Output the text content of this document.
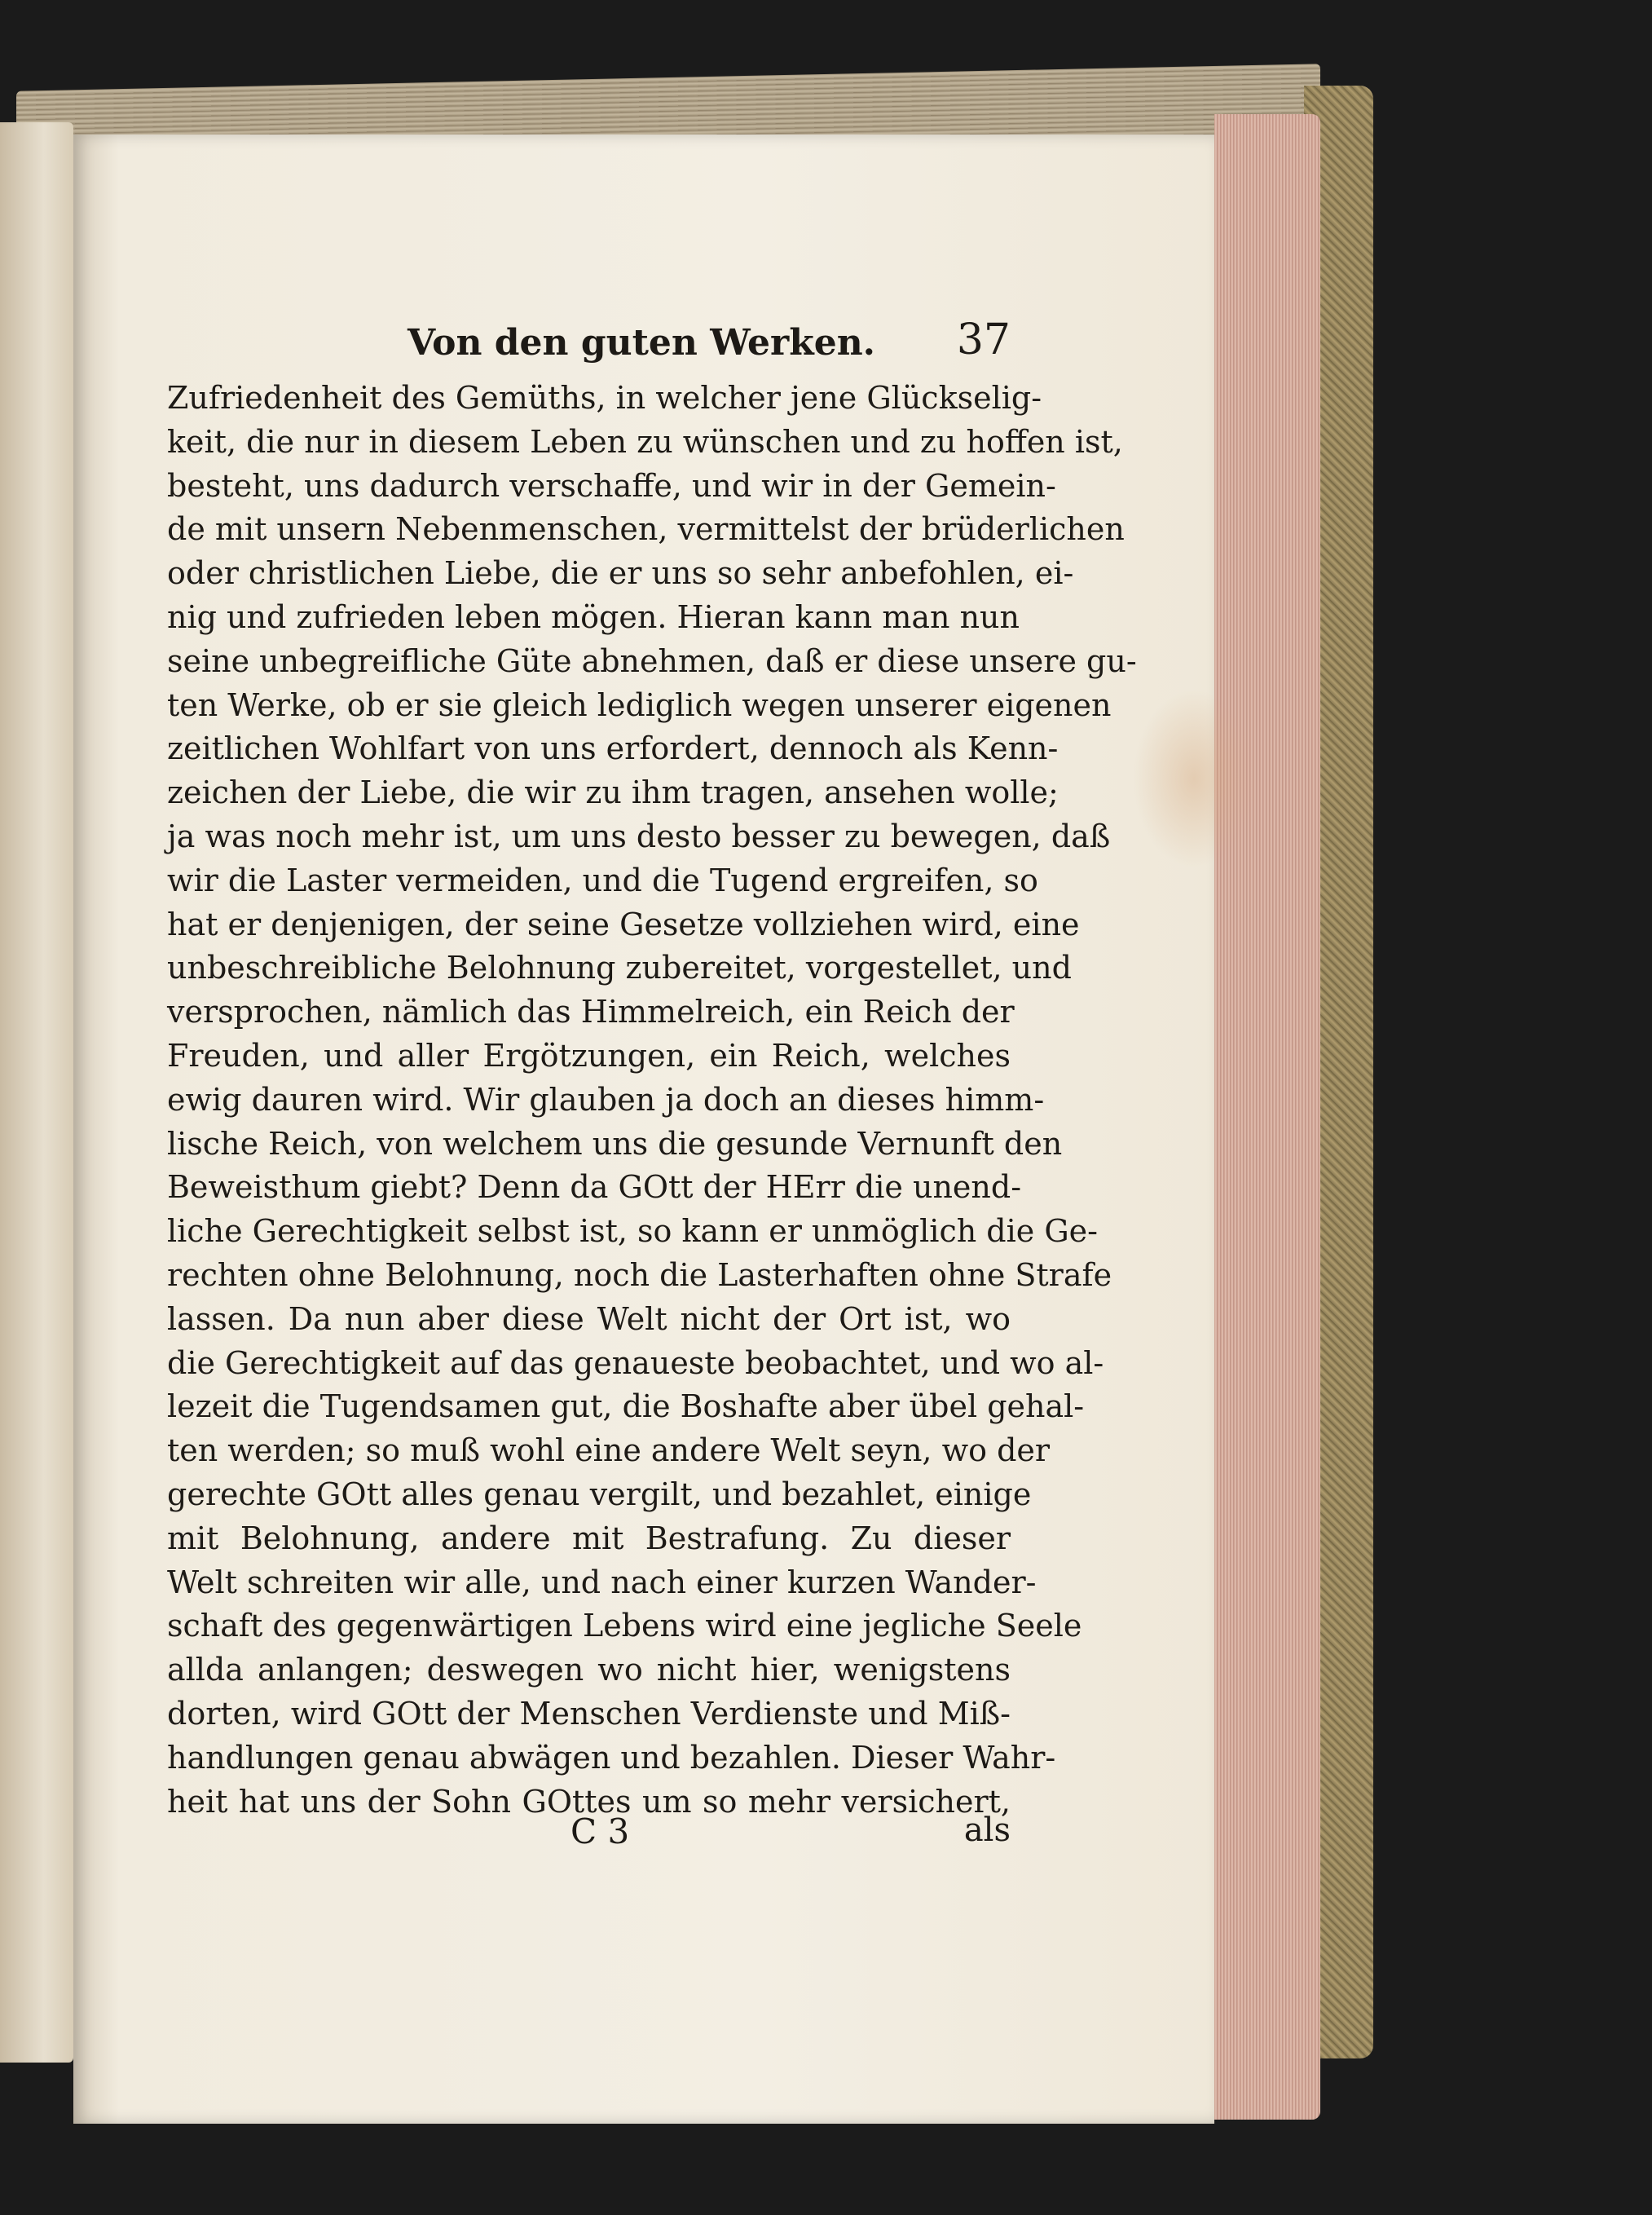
Von den guten Werken. 37
Zufriedenheit des Gemüths, in welcher jene Glückselig-
keit, die nur in diesem Leben zu wünschen und zu hoffen ist,
besteht, uns dadurch verschaffe, und wir in der Gemein-
de mit unsern Nebenmenschen, vermittelst der brüderlichen
oder christlichen Liebe, die er uns so sehr anbefohlen, ei-
nig und zufrieden leben mögen. Hieran kann man nun
seine unbegreifliche Güte abnehmen, daß er diese unsere gu-
ten Werke, ob er sie gleich lediglich wegen unserer eigenen
zeitlichen Wohlfart von uns erfordert, dennoch als Kenn-
zeichen der Liebe, die wir zu ihm tragen, ansehen wolle;
ja was noch mehr ist, um uns desto besser zu bewegen, daß
wir die Laster vermeiden, und die Tugend ergreifen, so
hat er denjenigen, der seine Gesetze vollziehen wird, eine
unbeschreibliche Belohnung zubereitet, vorgestellet, und
versprochen, nämlich das Himmelreich, ein Reich der
Freuden, und aller Ergötzungen, ein Reich, welches
ewig dauren wird. Wir glauben ja doch an dieses himm-
lische Reich, von welchem uns die gesunde Vernunft den
Beweisthum giebt? Denn da GOtt der HErr die unend-
liche Gerechtigkeit selbst ist, so kann er unmöglich die Ge-
rechten ohne Belohnung, noch die Lasterhaften ohne Strafe
lassen. Da nun aber diese Welt nicht der Ort ist, wo
die Gerechtigkeit auf das genaueste beobachtet, und wo al-
lezeit die Tugendsamen gut, die Boshafte aber übel gehal-
ten werden; so muß wohl eine andere Welt seyn, wo der
gerechte GOtt alles genau vergilt, und bezahlet, einige
mit Belohnung, andere mit Bestrafung. Zu dieser
Welt schreiten wir alle, und nach einer kurzen Wander-
schaft des gegenwärtigen Lebens wird eine jegliche Seele
allda anlangen; deswegen wo nicht hier, wenigstens
dorten, wird GOtt der Menschen Verdienste und Miß-
handlungen genau abwägen und bezahlen. Dieser Wahr-
heit hat uns der Sohn GOttes um so mehr versichert,
C 3	als
